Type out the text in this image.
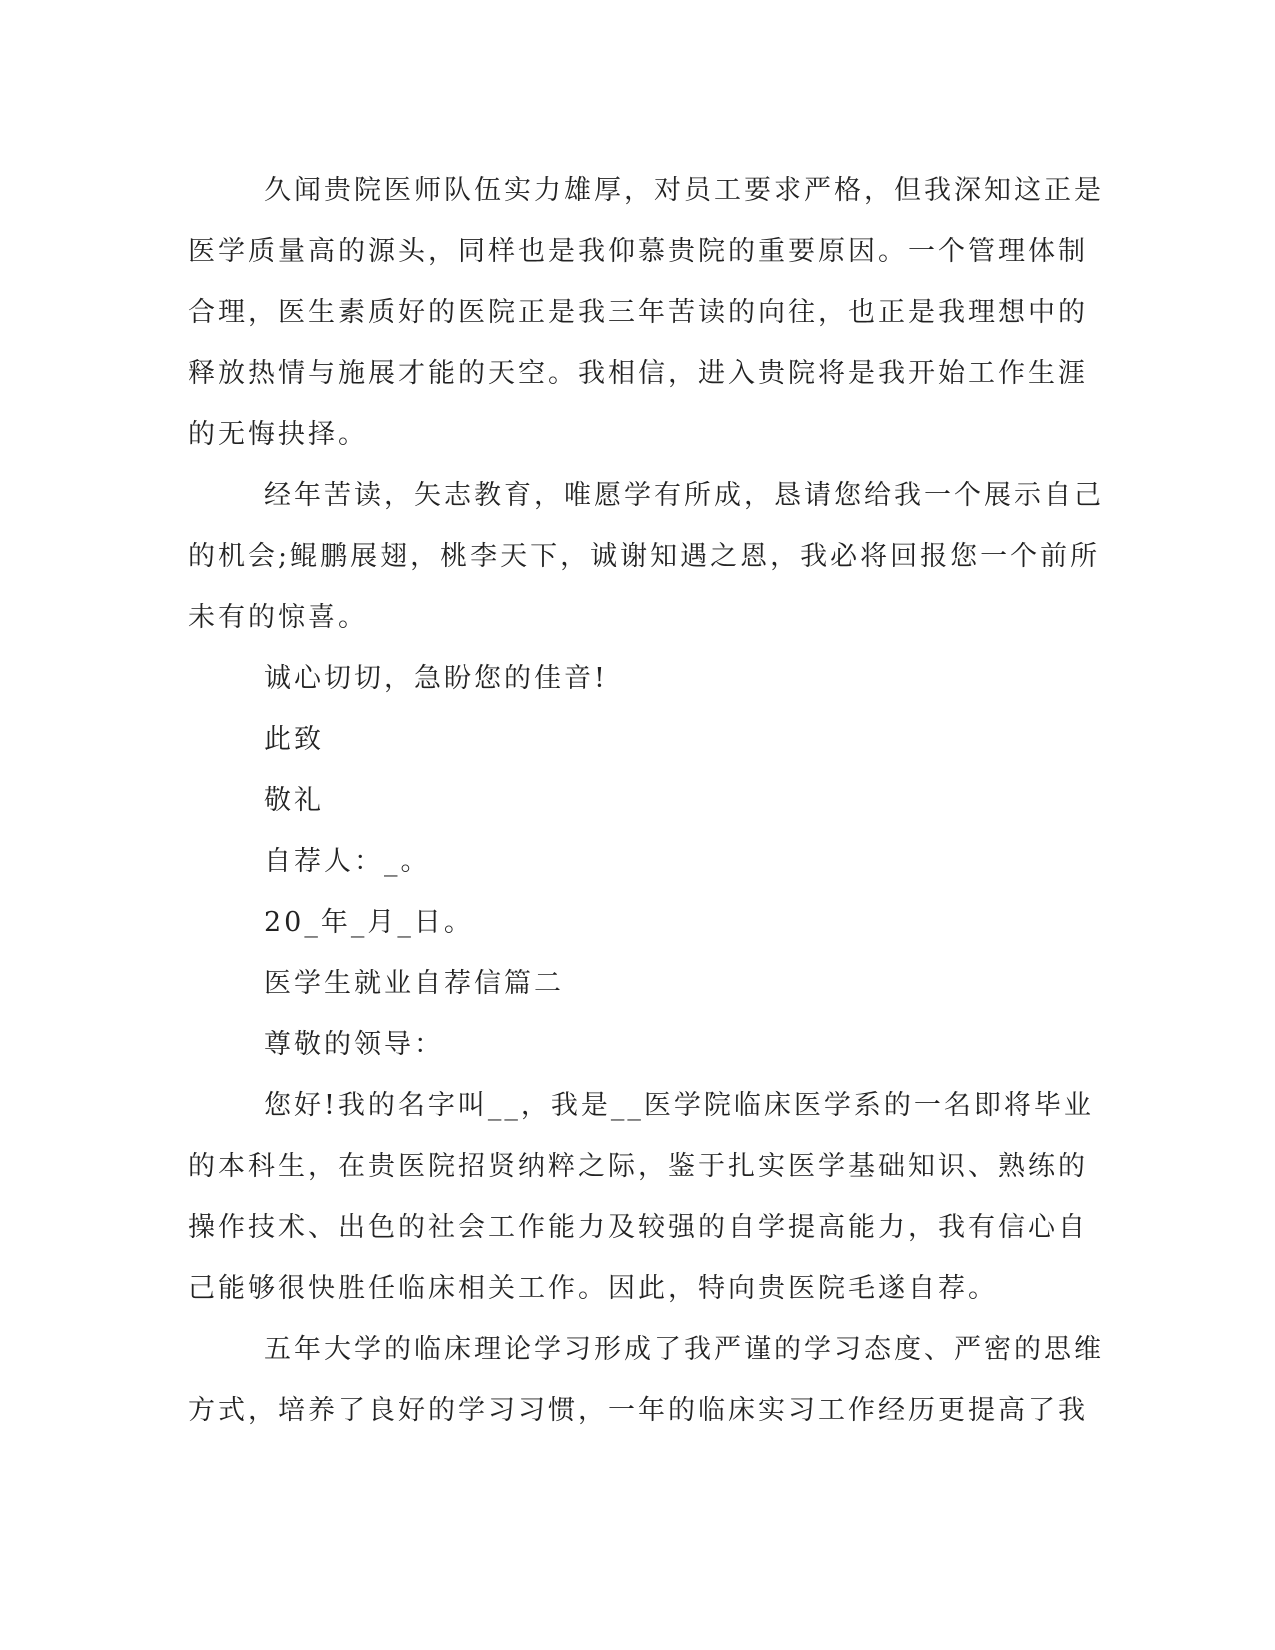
久闻贵院医师队伍实力雄厚，对员工要求严格，但我深知这正是
医学质量高的源头，同样也是我仰慕贵院的重要原因。一个管理体制
合理，医生素质好的医院正是我三年苦读的向往，也正是我理想中的
释放热情与施展才能的天空。我相信，进入贵院将是我开始工作生涯
的无悔抉择。
经年苦读，矢志教育，唯愿学有所成，恳请您给我一个展示自己
的机会;鲲鹏展翅，桃李天下，诚谢知遇之恩，我必将回报您一个前所
未有的惊喜。
诚心切切，急盼您的佳音!
此致
敬礼
自荐人：_。
20_年_月_日。
医学生就业自荐信篇二
尊敬的领导：
您好!我的名字叫__，我是__医学院临床医学系的一名即将毕业
的本科生，在贵医院招贤纳粹之际，鉴于扎实医学基础知识、熟练的
操作技术、出色的社会工作能力及较强的自学提高能力，我有信心自
己能够很快胜任临床相关工作。因此，特向贵医院毛遂自荐。
五年大学的临床理论学习形成了我严谨的学习态度、严密的思维
方式，培养了良好的学习习惯，一年的临床实习工作经历更提高了我
